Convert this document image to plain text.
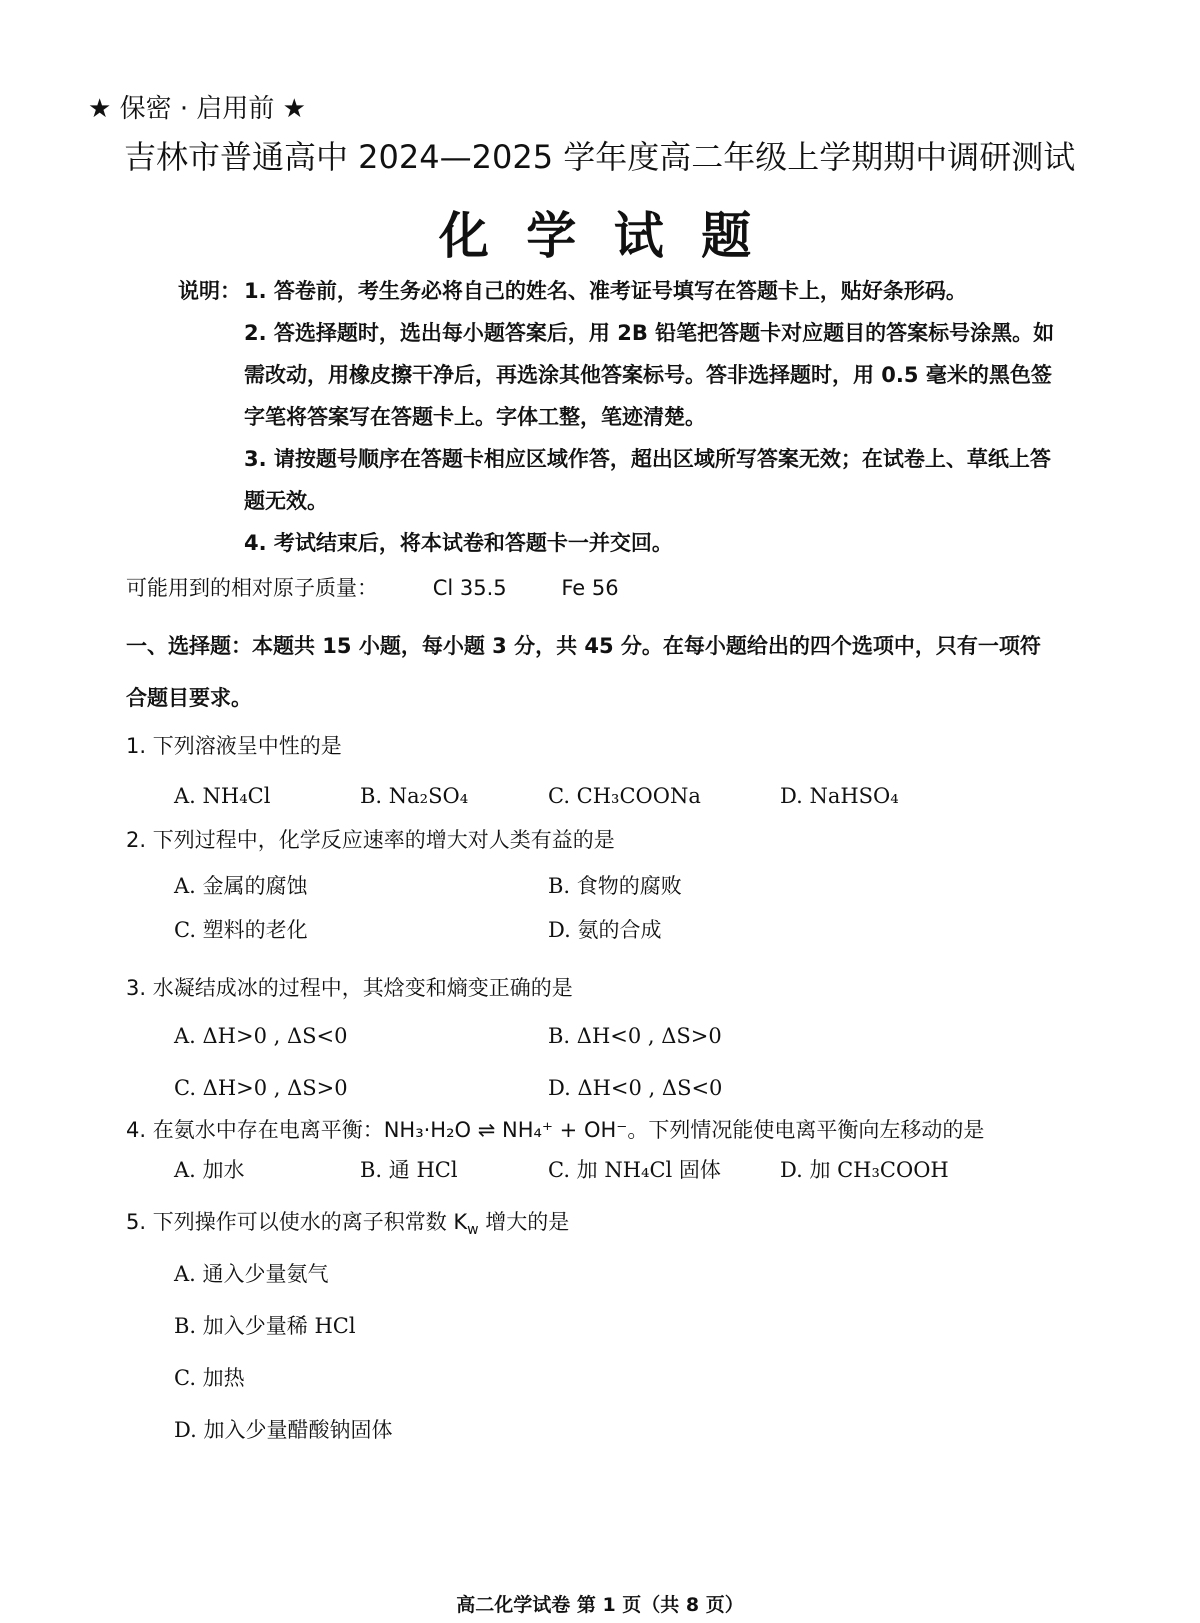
★ 保密 · 启用前 ★
吉林市普通高中 2024—2025 学年度高二年级上学期期中调研测试
化 学 试 题
说明： 1. 答卷前，考生务必将自己的姓名、准考证号填写在答题卡上，贴好条形码。
2. 答选择题时，选出每小题答案后，用 2B 铅笔把答题卡对应题目的答案标号涂黑。如需改动，用橡皮擦干净后，再选涂其他答案标号。答非选择题时，用 0.5 毫米的黑色签字笔将答案写在答题卡上。字体工整，笔迹清楚。
3. 请按题号顺序在答题卡相应区域作答，超出区域所写答案无效；在试卷上、草纸上答题无效。
4. 考试结束后，将本试卷和答题卡一并交回。
可能用到的相对原子质量：	Cl 35.5	Fe 56
一、选择题：本题共 15 小题，每小题 3 分，共 45 分。在每小题给出的四个选项中，只有一项符合题目要求。
1. 下列溶液呈中性的是
A. NH₄Cl	B. Na₂SO₄	C. CH₃COONa	D. NaHSO₄
2. 下列过程中，化学反应速率的增大对人类有益的是
A. 金属的腐蚀	B. 食物的腐败
C. 塑料的老化	D. 氨的合成
3. 水凝结成冰的过程中，其焓变和熵变正确的是
A. ΔH>0 , ΔS<0	B. ΔH<0 , ΔS>0
C. ΔH>0 , ΔS>0	D. ΔH<0 , ΔS<0
4. 在氨水中存在电离平衡：NH₃·H₂O ⇌ NH₄⁺ + OH⁻。下列情况能使电离平衡向左移动的是
A. 加水	B. 通 HCl	C. 加 NH₄Cl 固体	D. 加 CH₃COOH
5. 下列操作可以使水的离子积常数 $K_w$ 增大的是
A. 通入少量氨气
B. 加入少量稀 HCl
C. 加热
D. 加入少量醋酸钠固体
高二化学试卷 第 1 页（共 8 页）
